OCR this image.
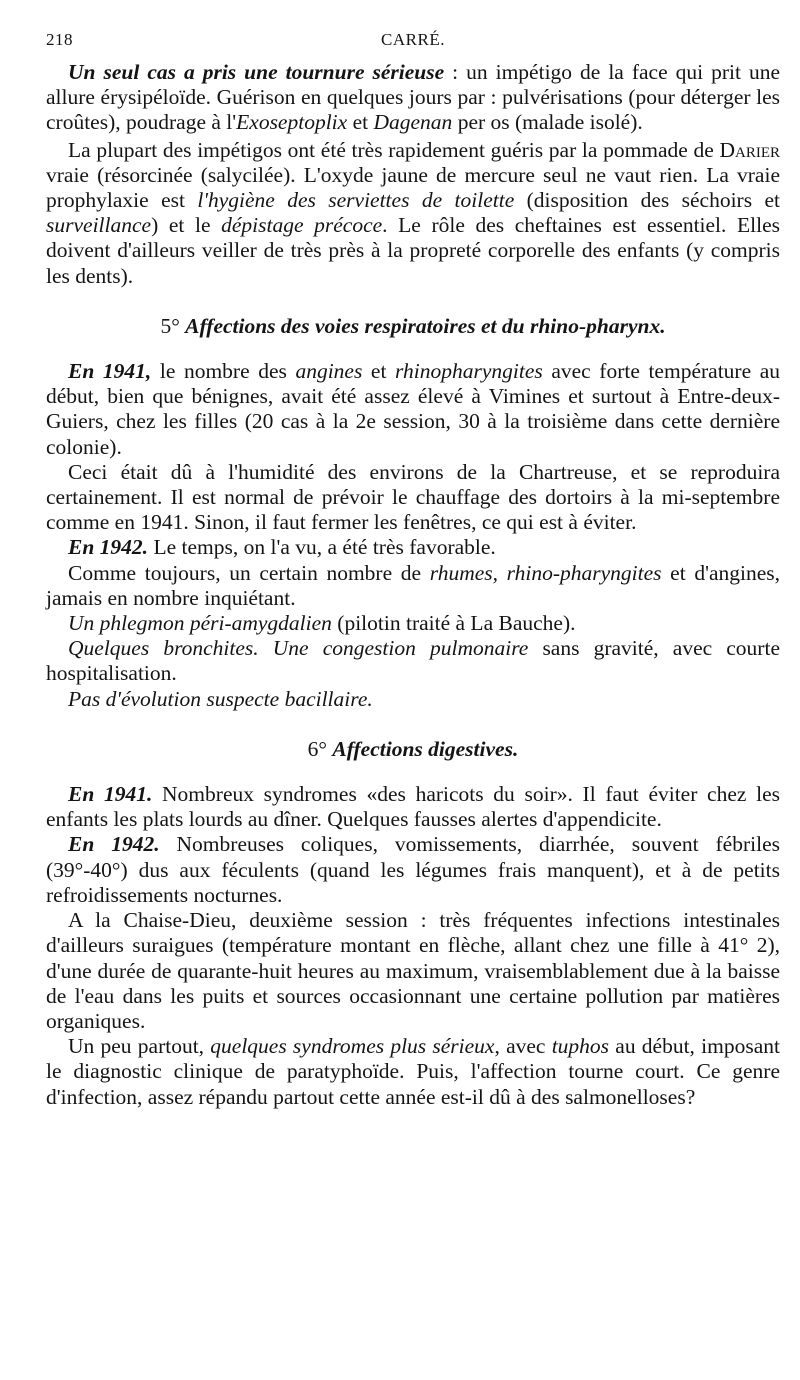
218	CARRÉ.

Un seul cas a pris une tournure sérieuse : un impétigo de la face qui prit une allure érysipéloïde. Guérison en quelques jours par : pulvérisations (pour déterger les croûtes), poudrage à l'Exoseptoplix et Dagenan per os (malade isolé).

La plupart des impétigos ont été très rapidement guéris par la pommade de Darier vraie (résorcinée (salycilée). L'oxyde jaune de mercure seul ne vaut rien. La vraie prophylaxie est l'hygiène des serviettes de toilette (disposition des séchoirs et surveillance) et le dépistage précoce. Le rôle des cheftaines est essentiel. Elles doivent d'ailleurs veiller de très près à la propreté corporelle des enfants (y compris les dents).

5° Affections des voies respiratoires et du rhino-pharynx.

En 1941, le nombre des angines et rhinopharyngites avec forte température au début, bien que bénignes, avait été assez élevé à Vimines et surtout à Entre-deux-Guiers, chez les filles (20 cas à la 2e session, 30 à la troisième dans cette dernière colonie).

Ceci était dû à l'humidité des environs de la Chartreuse, et se reproduira certainement. Il est normal de prévoir le chauffage des dortoirs à la mi-septembre comme en 1941. Sinon, il faut fermer les fenêtres, ce qui est à éviter.

En 1942. Le temps, on l'a vu, a été très favorable.

Comme toujours, un certain nombre de rhumes, rhino-pharyngites et d'angines, jamais en nombre inquiétant.

Un phlegmon péri-amygdalien (pilotin traité à La Bauche).

Quelques bronchites. Une congestion pulmonaire sans gravité, avec courte hospitalisation.

Pas d'évolution suspecte bacillaire.

6° Affections digestives.

En 1941. Nombreux syndromes «des haricots du soir». Il faut éviter chez les enfants les plats lourds au dîner. Quelques fausses alertes d'appendicite.

En 1942. Nombreuses coliques, vomissements, diarrhée, souvent fébriles (39°-40°) dus aux féculents (quand les légumes frais manquent), et à de petits refroidissements nocturnes.

A la Chaise-Dieu, deuxième session : très fréquentes infections intestinales d'ailleurs suraigues (température montant en flèche, allant chez une fille à 41° 2), d'une durée de quarante-huit heures au maximum, vraisemblablement due à la baisse de l'eau dans les puits et sources occasionnant une certaine pollution par matières organiques.

Un peu partout, quelques syndromes plus sérieux, avec tuphos au début, imposant le diagnostic clinique de paratyphoïde. Puis, l'affection tourne court. Ce genre d'infection, assez répandu partout cette année est-il dû à des salmonelloses?
